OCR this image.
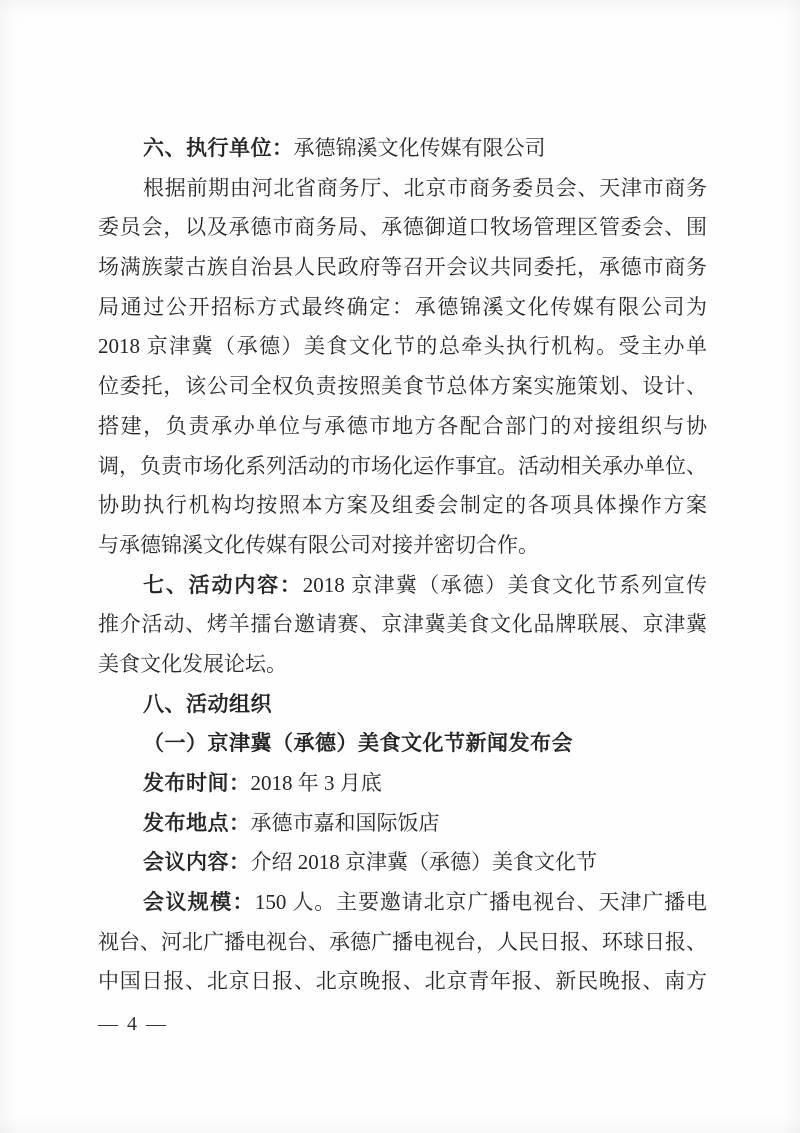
六、执行单位：承德锦溪文化传媒有限公司
根据前期由河北省商务厅、北京市商务委员会、天津市商务
委员会，以及承德市商务局、承德御道口牧场管理区管委会、围
场满族蒙古族自治县人民政府等召开会议共同委托，承德市商务
局通过公开招标方式最终确定：承德锦溪文化传媒有限公司为
2018 京津冀（承德）美食文化节的总牵头执行机构。受主办单
位委托，该公司全权负责按照美食节总体方案实施策划、设计、
搭建，负责承办单位与承德市地方各配合部门的对接组织与协
调，负责市场化系列活动的市场化运作事宜。活动相关承办单位、
协助执行机构均按照本方案及组委会制定的各项具体操作方案
与承德锦溪文化传媒有限公司对接并密切合作。
七、活动内容：2018 京津冀（承德）美食文化节系列宣传
推介活动、烤羊擂台邀请赛、京津冀美食文化品牌联展、京津冀
美食文化发展论坛。
八、活动组织
（一）京津冀（承德）美食文化节新闻发布会
发布时间：2018 年 3 月底
发布地点：承德市嘉和国际饭店
会议内容：介绍 2018 京津冀（承德）美食文化节
会议规模：150 人。主要邀请北京广播电视台、天津广播电
视台、河北广播电视台、承德广播电视台，人民日报、环球日报、
中国日报、北京日报、北京晚报、北京青年报、新民晚报、南方
— 4 —
